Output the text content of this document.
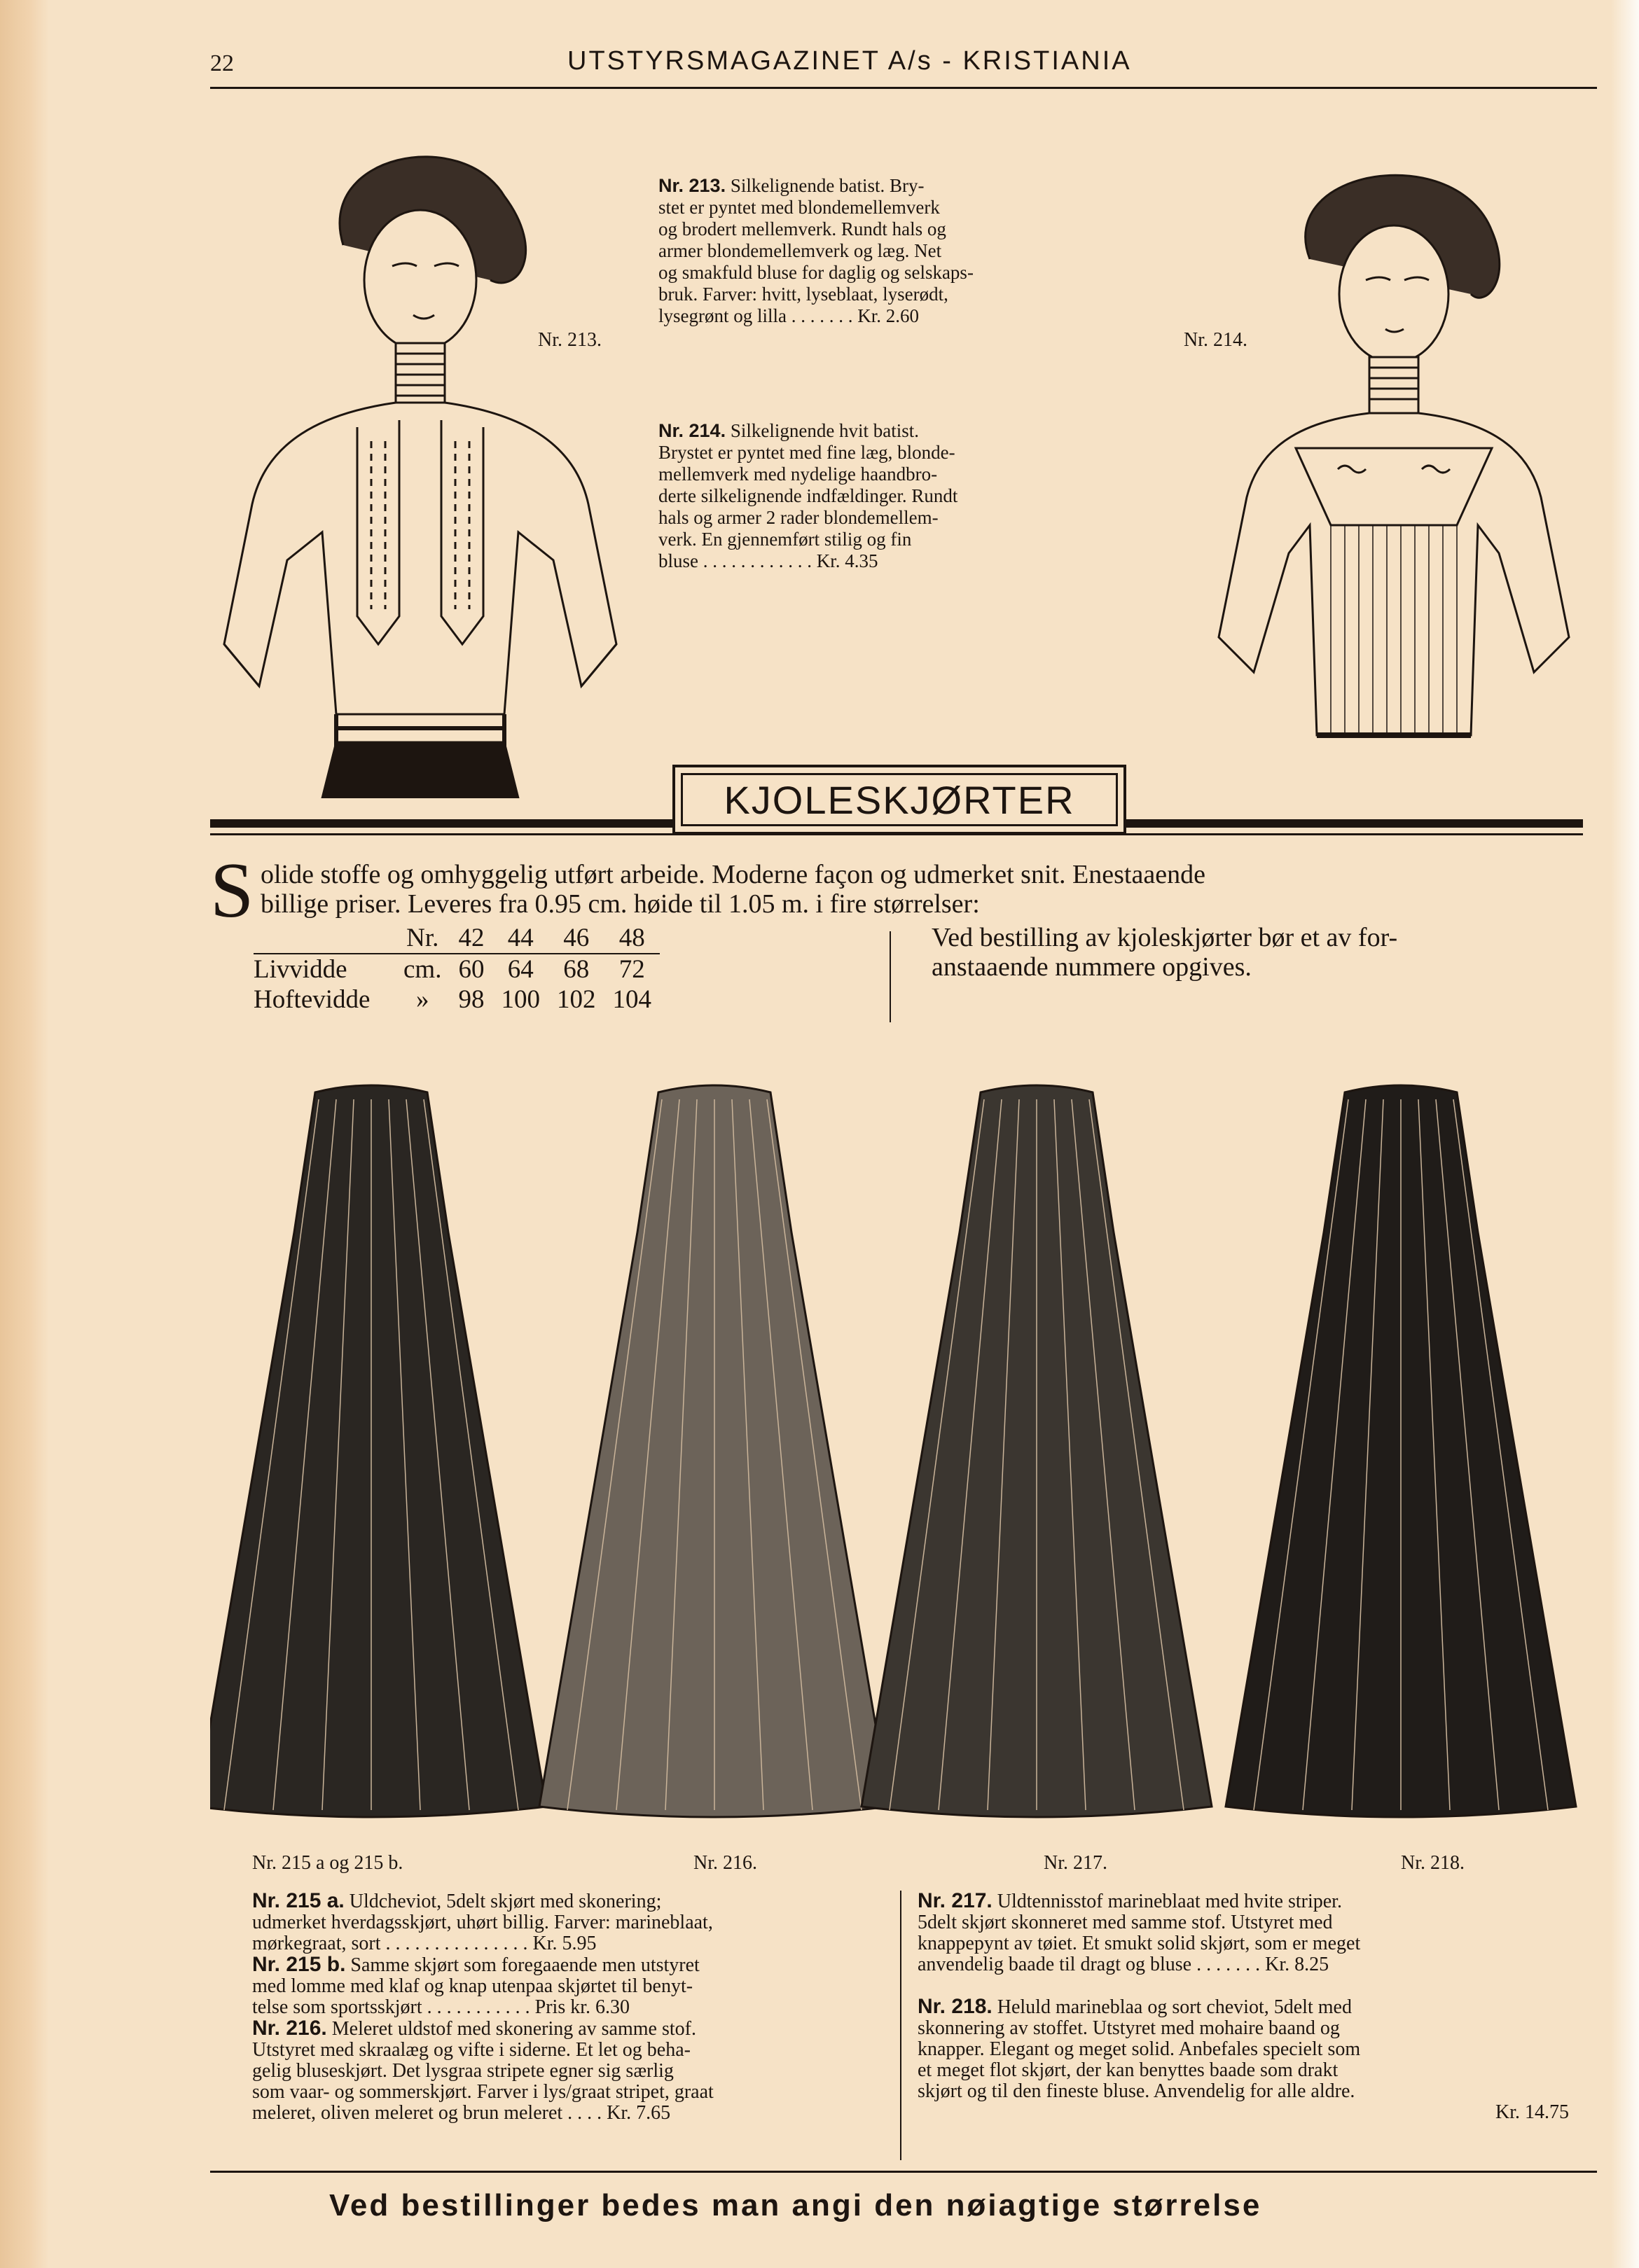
22	UTSTYRSMAGAZINET A/s - KRISTIANIA
Nr. 213.
Nr. 213. Silkelignende batist. Bry-
stet er pyntet med blondemellemverk
og brodert mellemverk. Rundt hals og
armer blondemellemverk og læg. Net
og smakfuld bluse for daglig og selskaps-
bruk. Farver: hvitt, lyseblaat, lyserødt,
lysegrønt og lilla . . . . . . . Kr. 2.60
Nr. 214. Silkelignende hvit batist.
Brystet er pyntet med fine læg, blonde-
mellemverk med nydelige haandbro-
derte silkelignende indfældinger. Rundt
hals og armer 2 rader blondemellem-
verk. En gjennemført stilig og fin
bluse . . . . . . . . . . . . Kr. 4.35
Nr. 214.
KJOLESKJØRTER
S olide stoffe og omhyggelig utført arbeide. Moderne façon og udmerket snit. Enestaaende
billige priser. Leveres fra 0.95 cm. høide til 1.05 m. i fire størrelser:
	Nr.	42	44	46	48
Livvidde	cm.	60	64	68	72
Hoftevidde	»	98	100	102	104
Ved bestilling av kjoleskjørter bør et av for-
anstaaende nummere opgives.
Nr. 215 a og 215 b.	Nr. 216.	Nr. 217.	Nr. 218.
Nr. 215 a. Uldcheviot, 5delt skjørt med skonering;
udmerket hverdagsskjørt, uhørt billig. Farver: marineblaat,
mørkegraat, sort . . . . . . . . . . . . . . . Kr. 5.95
Nr. 215 b. Samme skjørt som foregaaende men utstyret
med lomme med klaf og knap utenpaa skjørtet til benyt-
telse som sportsskjørt . . . . . . . . . . . Pris kr. 6.30
Nr. 216. Meleret uldstof med skonering av samme stof.
Utstyret med skraalæg og vifte i siderne. Et let og beha-
gelig bluseskjørt. Det lysgraa stripete egner sig særlig
som vaar- og sommerskjørt. Farver i lys/graat stripet, graat
meleret, oliven meleret og brun meleret . . . . Kr. 7.65
Nr. 217. Uldtennisstof marineblaat med hvite striper.
5delt skjørt skonneret med samme stof. Utstyret med
knappepynt av tøiet. Et smukt solid skjørt, som er meget
anvendelig baade til dragt og bluse . . . . . . . Kr. 8.25
Nr. 218. Heluld marineblaa og sort cheviot, 5delt med
skonnering av stoffet. Utstyret med mohaire baand og
knapper. Elegant og meget solid. Anbefales specielt som
et meget flot skjørt, der kan benyttes baade som drakt
skjørt og til den fineste bluse. Anvendelig for alle aldre.
Kr. 14.75
Ved bestillinger bedes man angi den nøiagtige størrelse
